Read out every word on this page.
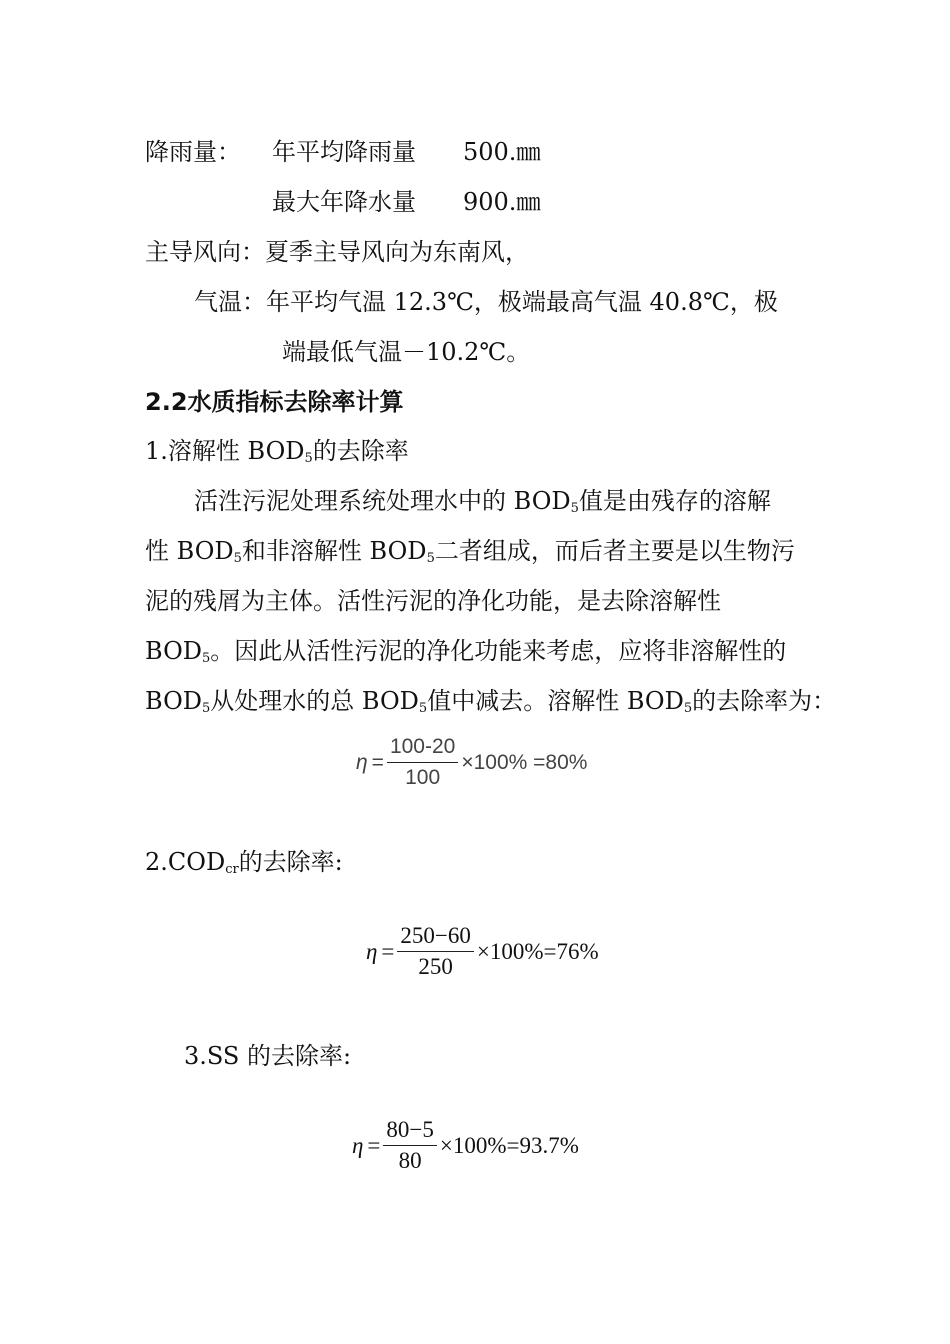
降雨量： 年平均降雨量 500.㎜
最大年降水量 900.㎜
主导风向：夏季主导风向为东南风，
气温：年平均气温 12.3℃，极端最高气温 40.8℃，极
端最低气温－10.2℃。
2.2水质指标去除率计算
1.溶解性 $BOD_5$的去除率
活泩污泥处理系统处理水中的 $BOD_5$值是由残存的溶解
性 $BOD_5$和非溶解性 $BOD_5$二者组成，而后者主要是以生物污
泥的残屑为主体。活性污泥的净化功能，是去除溶解性
$BOD_5$。因此从活性污泥的净化功能来考虑，应将非溶解性的
$BOD_5$从处理水的总 $BOD_5$值中减去。溶解性 $BOD_5$的去除率为：
$\eta = \frac{100-20}{100} \times 100\% =80\%$
$2.COD_{cr}$的去除率:
$\eta = \frac{250-60}{250} \times 100\%=76\%$
3.SS 的去除率:
$\eta = \frac{80-5}{80} \times 100\%=93.7\%$
